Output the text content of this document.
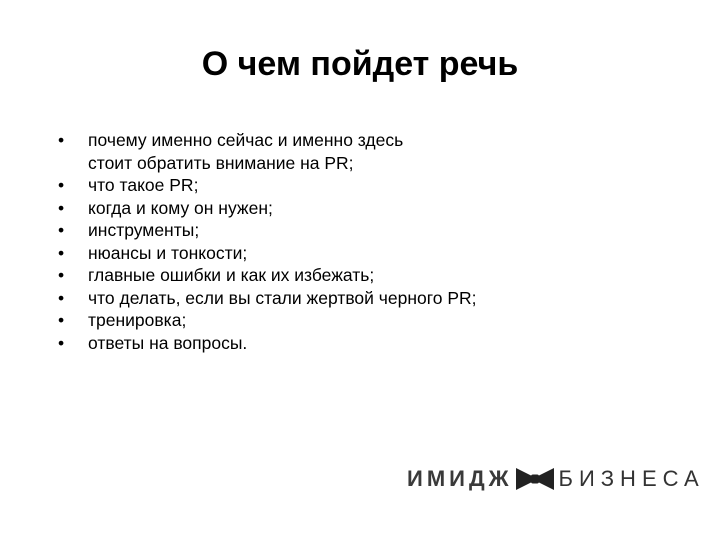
О чем пойдет речь
•	почему именно сейчас и именно здесь
стоит обратить внимание на PR;
•	что такое PR;
•	когда и кому он нужен;
•	инструменты;
•	нюансы и тонкости;
•	главные ошибки и как их избежать;
•	что делать, если вы стали жертвой черного PR;
•	тренировка;
•	ответы на вопросы.
ИМИДЖ БИЗНЕСА
